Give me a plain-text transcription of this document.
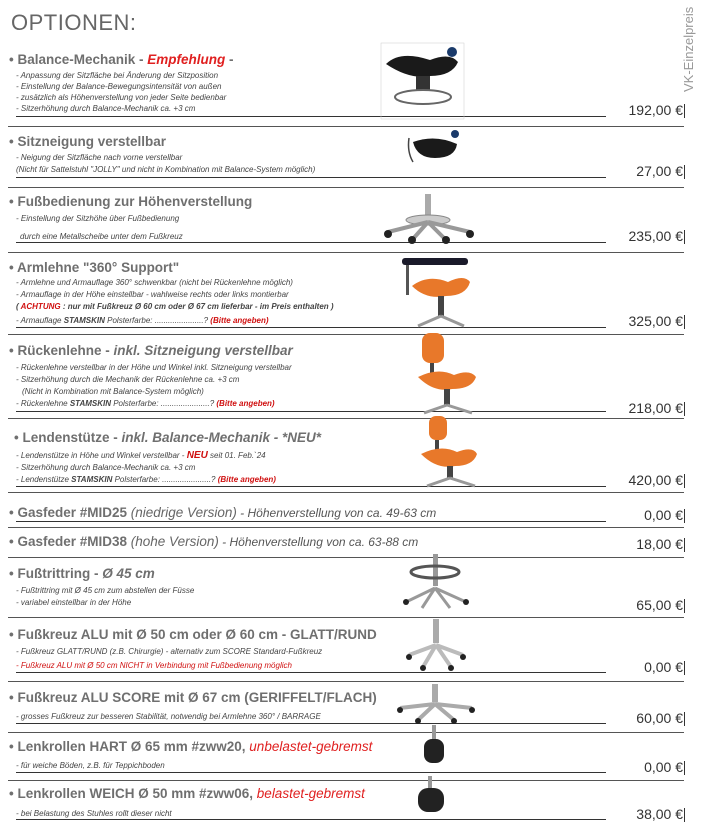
OPTIONEN:	VK-Einzelpreis
• Balance-Mechanik - Empfehlung -
- Anpassung der Sitzfläche bei Änderung der Sitzposition
- Einstellung der Balance-Bewegungsintensität von außen
- zusätzlich als Höhenverstellung von jeder Seite bedienbar
- Sitzerhöhung durch Balance-Mechanik ca. +3 cm	192,00 €
• Sitzneigung verstellbar
- Neigung der Sitzfläche nach vorne verstellbar
(Nicht für Sattelstuhl "JOLLY" und nicht in Kombination mit Balance-System möglich)	27,00 €
• Fußbedienung zur Höhenverstellung
- Einstellung der Sitzhöhe über Fußbedienung
durch eine Metallscheibe unter dem Fußkreuz	235,00 €
• Armlehne "360° Support"
- Armlehne und Armauflage 360° schwenkbar (nicht bei Rückenlehne möglich)
- Armauflage in der Höhe einstellbar - wahlweise rechts oder links montierbar
( ACHTUNG : nur mit Fußkreuz Ø 60 cm oder Ø 67 cm lieferbar - im Preis enthalten )
- Armauflage STAMSKIN Polsterfarbe: ......................? (Bitte angeben)	325,00 €
• Rückenlehne - inkl. Sitzneigung verstellbar
- Rückenlehne verstellbar in der Höhe und Winkel inkl. Sitzneigung verstellbar
- Sitzerhöhung durch die Mechanik der Rückenlehne ca. +3 cm
(Nicht in Kombination mit Balance-System möglich)
- Rückenlehne STAMSKIN Polsterfarbe: ......................? (Bitte angeben)	218,00 €
• Lendenstütze - inkl. Balance-Mechanik - *NEU*
- Lendenstütze in Höhe und Winkel verstellbar - NEU seit 01. Feb.`24
- Sitzerhöhung durch Balance-Mechanik ca. +3 cm
- Lendenstütze STAMSKIN Polsterfarbe: ......................? (Bitte angeben)	420,00 €
• Gasfeder #MID25 (niedrige Version) - Höhenverstellung von ca. 49-63 cm	0,00 €
• Gasfeder #MID38 (hohe Version) - Höhenverstellung von ca. 63-88 cm	18,00 €
• Fußtrittring - Ø 45 cm
- Fußtrittring mit Ø 45 cm zum abstellen der Füsse
- variabel einstellbar in der Höhe	65,00 €
• Fußkreuz ALU mit Ø 50 cm oder Ø 60 cm - GLATT/RUND
- Fußkreuz GLATT/RUND (z.B. Chirurgie) - alternativ zum SCORE Standard-Fußkreuz
- Fußkreuz ALU mit Ø 50 cm NICHT in Verbindung mit Fußbedienung möglich	0,00 €
• Fußkreuz ALU SCORE mit Ø 67 cm (GERIFFELT/FLACH)
- grosses Fußkreuz zur besseren Stabilität, notwendig bei Armlehne 360° / BARRAGE	60,00 €
• Lenkrollen HART Ø 65 mm #zww20, unbelastet-gebremst
- für weiche Böden, z.B. für Teppichboden	0,00 €
• Lenkrollen WEICH Ø 50 mm #zww06, belastet-gebremst
- bei Belastung des Stuhles rollt dieser nicht	38,00 €
